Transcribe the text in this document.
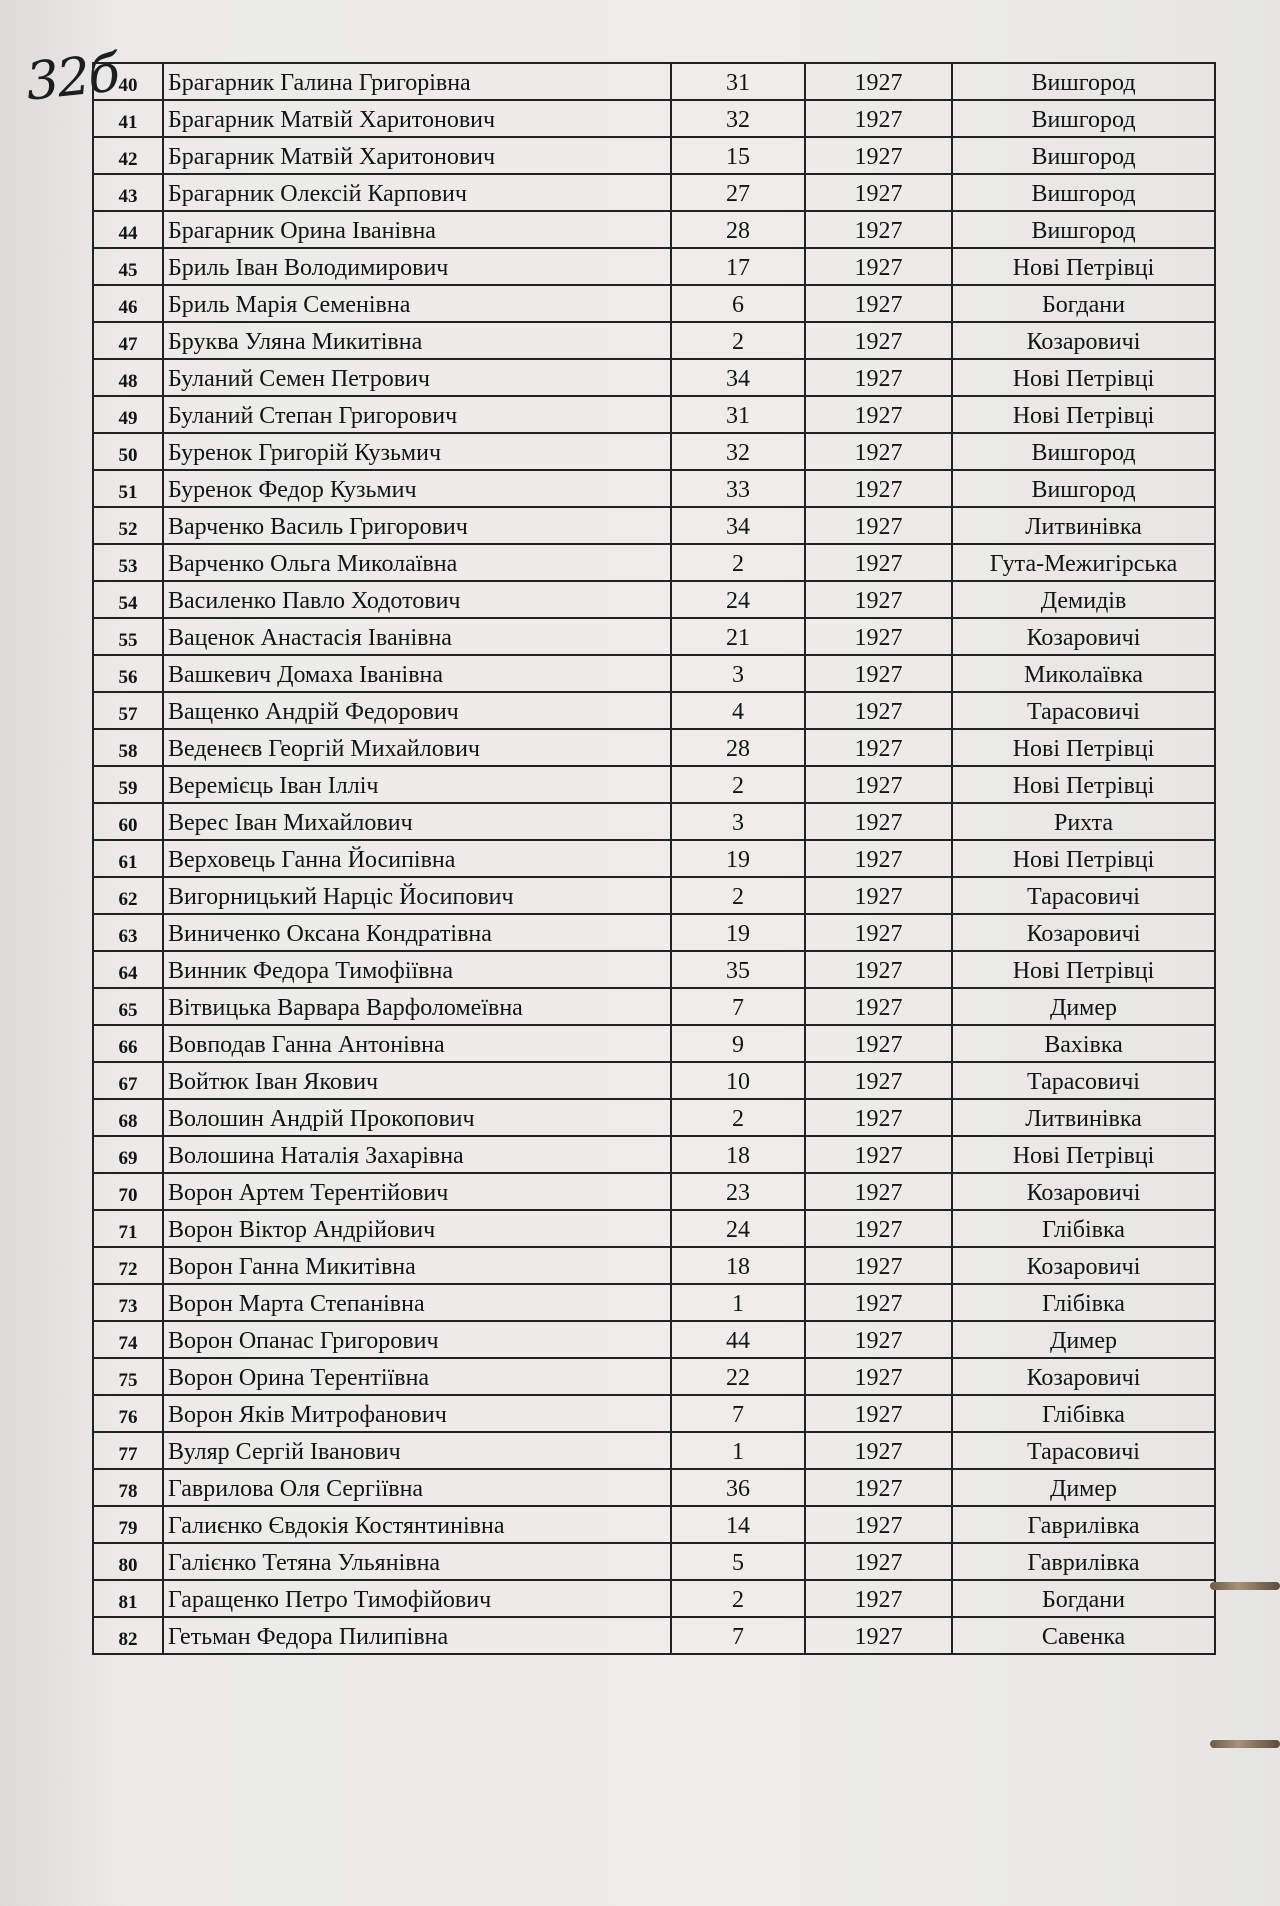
32б
40	Брагарник Галина Григорівна	31	1927	Вишгород
41	Брагарник Матвій Харитонович	32	1927	Вишгород
42	Брагарник Матвій Харитонович	15	1927	Вишгород
43	Брагарник Олексій Карпович	27	1927	Вишгород
44	Брагарник Орина Іванівна	28	1927	Вишгород
45	Бриль Іван Володимирович	17	1927	Нові Петрівці
46	Бриль Марія Семенівна	6	1927	Богдани
47	Бруква Уляна Микитівна	2	1927	Козаровичі
48	Буланий Семен Петрович	34	1927	Нові Петрівці
49	Буланий Степан Григорович	31	1927	Нові Петрівці
50	Буренок Григорій Кузьмич	32	1927	Вишгород
51	Буренок Федор Кузьмич	33	1927	Вишгород
52	Варченко Василь Григорович	34	1927	Литвинівка
53	Варченко Ольга Миколаївна	2	1927	Гута-Межигірська
54	Василенко Павло Ходотович	24	1927	Демидів
55	Ваценок Анастасія Іванівна	21	1927	Козаровичі
56	Вашкевич Домаха Іванівна	3	1927	Миколаївка
57	Ващенко Андрій Федорович	4	1927	Тарасовичі
58	Веденеєв Георгій Михайлович	28	1927	Нові Петрівці
59	Веремієць Іван Ілліч	2	1927	Нові Петрівці
60	Верес Іван Михайлович	3	1927	Рихта
61	Верховець Ганна Йосипівна	19	1927	Нові Петрівці
62	Вигорницький Нарціс Йосипович	2	1927	Тарасовичі
63	Виниченко Оксана Кондратівна	19	1927	Козаровичі
64	Винник Федора Тимофіївна	35	1927	Нові Петрівці
65	Вітвицька Варвара Варфоломеївна	7	1927	Димер
66	Вовподав Ганна Антонівна	9	1927	Вахівка
67	Войтюк Іван Якович	10	1927	Тарасовичі
68	Волошин Андрій Прокопович	2	1927	Литвинівка
69	Волошина Наталія Захарівна	18	1927	Нові Петрівці
70	Ворон Артем Терентійович	23	1927	Козаровичі
71	Ворон Віктор Андрійович	24	1927	Глібівка
72	Ворон Ганна Микитівна	18	1927	Козаровичі
73	Ворон Марта Степанівна	1	1927	Глібівка
74	Ворон Опанас Григорович	44	1927	Димер
75	Ворон Орина Терентіївна	22	1927	Козаровичі
76	Ворон Яків Митрофанович	7	1927	Глібівка
77	Вуляр Сергій Іванович	1	1927	Тарасовичі
78	Гаврилова Оля Сергіївна	36	1927	Димер
79	Галиєнко Євдокія Костянтинівна	14	1927	Гаврилівка
80	Галієнко Тетяна Ульянівна	5	1927	Гаврилівка
81	Гаращенко Петро Тимофійович	2	1927	Богдани
82	Гетьман Федора Пилипівна	7	1927	Савенка
